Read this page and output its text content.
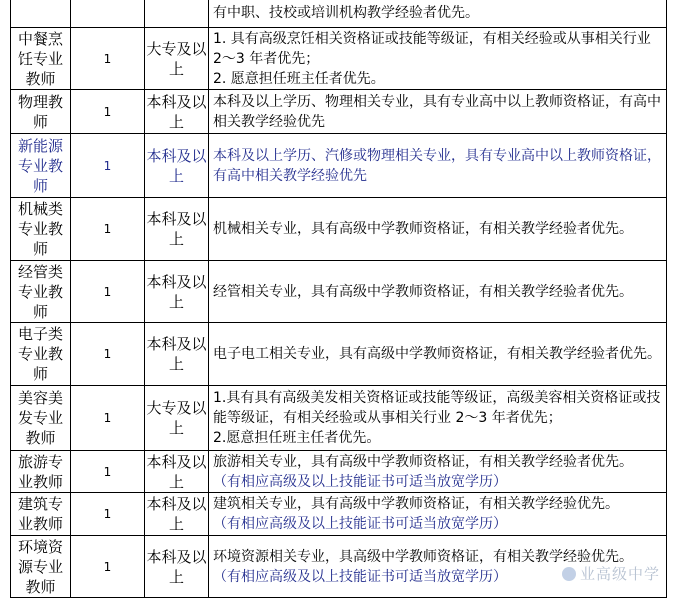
			有中职、技校或培训机构教学经验者优先。
中餐烹饪专业教师	1	大专及以上	1. 具有高级烹饪相关资格证或技能等级证，有相关经验或从事相关行业 2～3 年者优先；
2. 愿意担任班主任者优先。

物理教师	1	本科及以上	本科及以上学历、物理相关专业，具有专业高中以上教师资格证，有高中相关教学经验优先

新能源专业教师	1	本科及以上	本科及以上学历、汽修或物理相关专业，具有专业高中以上教师资格证，有高中相关教学经验优先

机械类专业教师	1	本科及以上	机械相关专业，具有高级中学教师资格证，有相关教学经验者优先。

经管类专业教师	1	本科及以上	经管相关专业，具有高级中学教师资格证，有相关教学经验者优先。

电子类专业教师	1	本科及以上	电子电工相关专业，具有高级中学教师资格证，有相关教学经验者优先。

美容美发专业教师	1	大专及以上	1.具有具有高级美发相关资格证或技能等级证，高级美容相关资格证或技能等级证，有相关经验或从事相关行业 2～3 年者优先；
2.愿意担任班主任者优先。

旅游专业教师	1	本科及以上	旅游相关专业，具有高级中学教师资格证，有相关教学经验者优先。
（有相应高级及以上技能证书可适当放宽学历）

建筑专业教师	1	本科及以上	建筑相关专业，具有高级中学教师资格证，有相关教学经验优先。
（有相应高级及以上技能证书可适当放宽学历）

环境资源专业教师	1	本科及以上	环境资源相关专业，具高级中学教师资格证，有相关教学经验优先。
（有相应高级及以上技能证书可适当放宽学历）	业高级中学
